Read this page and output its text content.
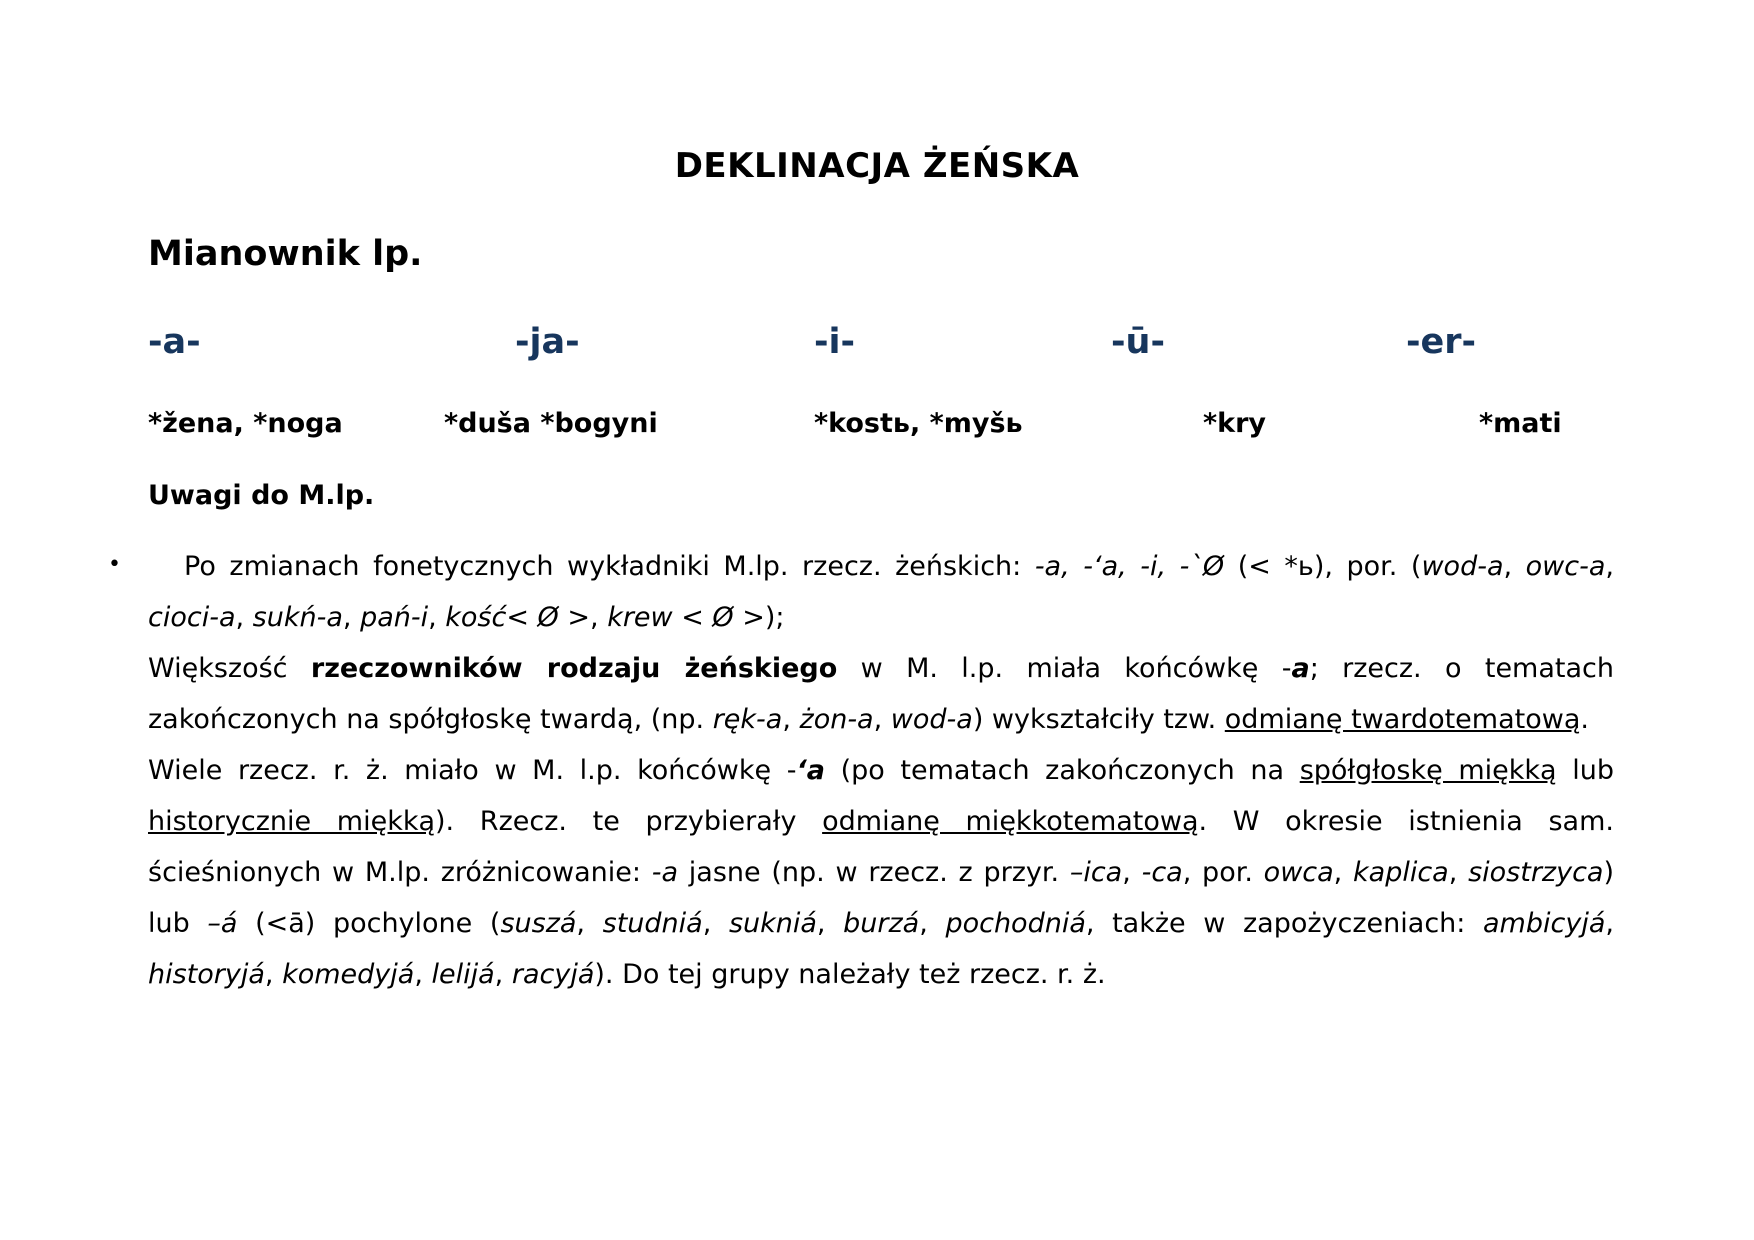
DEKLINACJA ŻEŃSKA
Mianownik lp.
-a-	-ja-	-i-	-ū-	-er-
*žena, *noga	*duša *bogyni	*kostь, *myšь	*kry	*mati
Uwagi do M.lp.
•	Po zmianach fonetycznych wykładniki M.lp. rzecz. żeńskich: -a, -‘a, -i, -`Ø (< *ь), por. (wod-a, owc-a, cioci-a, sukń-a, pań-i, kość< Ø >, krew < Ø >);

Większość rzeczowników rodzaju żeńskiego w M. l.p. miała końcówkę -a; rzecz. o tematach zakończonych na spółgłoskę twardą, (np. ręk-a, żon-a, wod-a) wykształciły tzw. odmianę twardotematową.

Wiele rzecz. r. ż. miało w M. l.p. końcówkę -‘a (po tematach zakończonych na spółgłoskę miękką lub historycznie miękką). Rzecz. te przybierały odmianę miękkotematową. W okresie istnienia sam. ścieśnionych w M.lp. zróżnicowanie: -a jasne (np. w rzecz. z przyr. –ica, -ca, por. owca, kaplica, siostrzyca) lub –á (<ā) pochylone (suszá, studniá, sukniá, burzá, pochodniá, także w zapożyczeniach: ambicyjá, historyjá, komedyjá, lelijá, racyjá). Do tej grupy należały też rzecz. r. ż.
